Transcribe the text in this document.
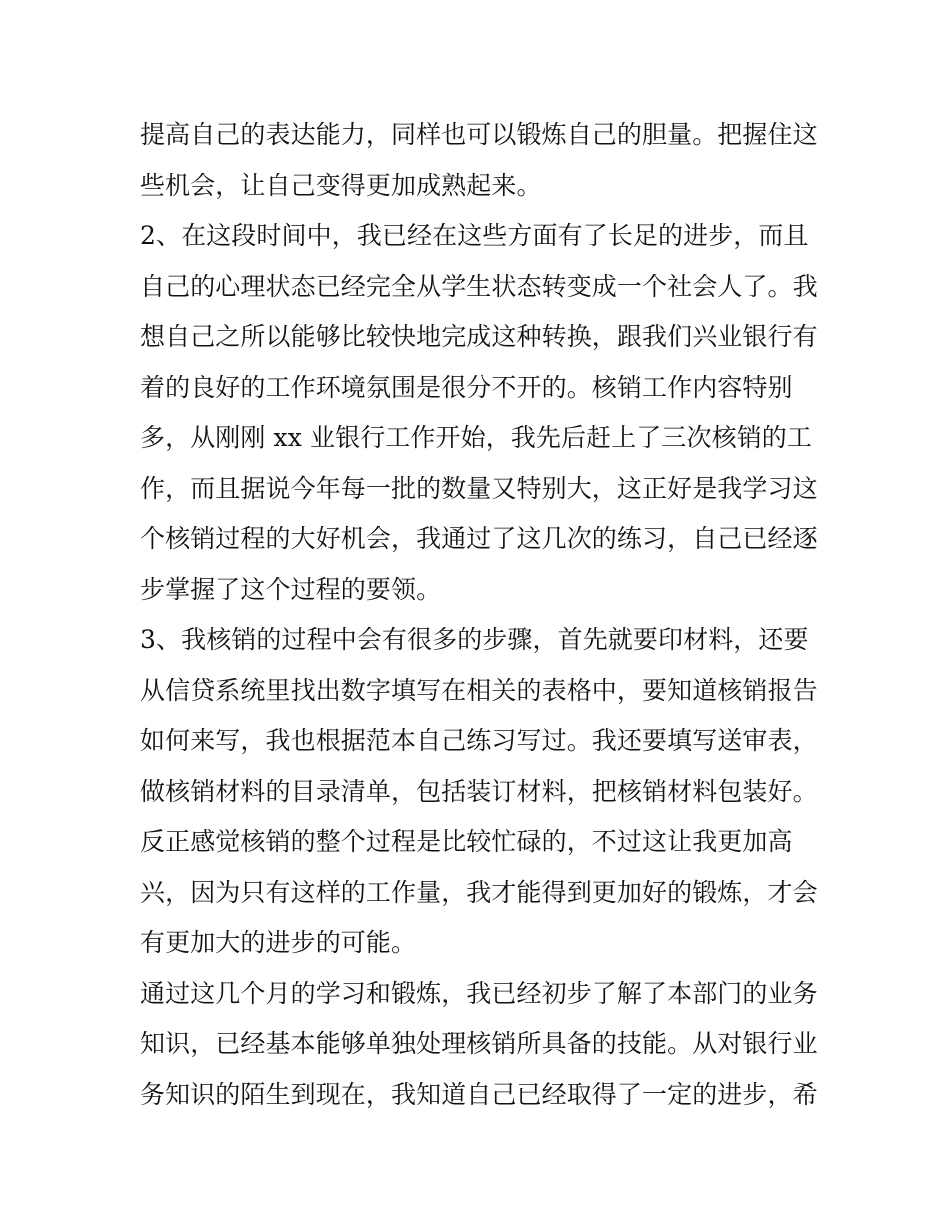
提高自己的表达能力，同样也可以锻炼自己的胆量。把握住这
些机会，让自己变得更加成熟起来。
2、在这段时间中，我已经在这些方面有了长足的进步，而且
自己的心理状态已经完全从学生状态转变成一个社会人了。我
想自己之所以能够比较快地完成这种转换，跟我们兴业银行有
着的良好的工作环境氛围是很分不开的。核销工作内容特别
多，从刚刚 xx 业银行工作开始，我先后赶上了三次核销的工
作，而且据说今年每一批的数量又特别大，这正好是我学习这
个核销过程的大好机会，我通过了这几次的练习，自己已经逐
步掌握了这个过程的要领。
3、我核销的过程中会有很多的步骤，首先就要印材料，还要
从信贷系统里找出数字填写在相关的表格中，要知道核销报告
如何来写，我也根据范本自己练习写过。我还要填写送审表，
做核销材料的目录清单，包括装订材料，把核销材料包装好。
反正感觉核销的整个过程是比较忙碌的，不过这让我更加高
兴，因为只有这样的工作量，我才能得到更加好的锻炼，才会
有更加大的进步的可能。
通过这几个月的学习和锻炼，我已经初步了解了本部门的业务
知识，已经基本能够单独处理核销所具备的技能。从对银行业
务知识的陌生到现在，我知道自己已经取得了一定的进步，希
